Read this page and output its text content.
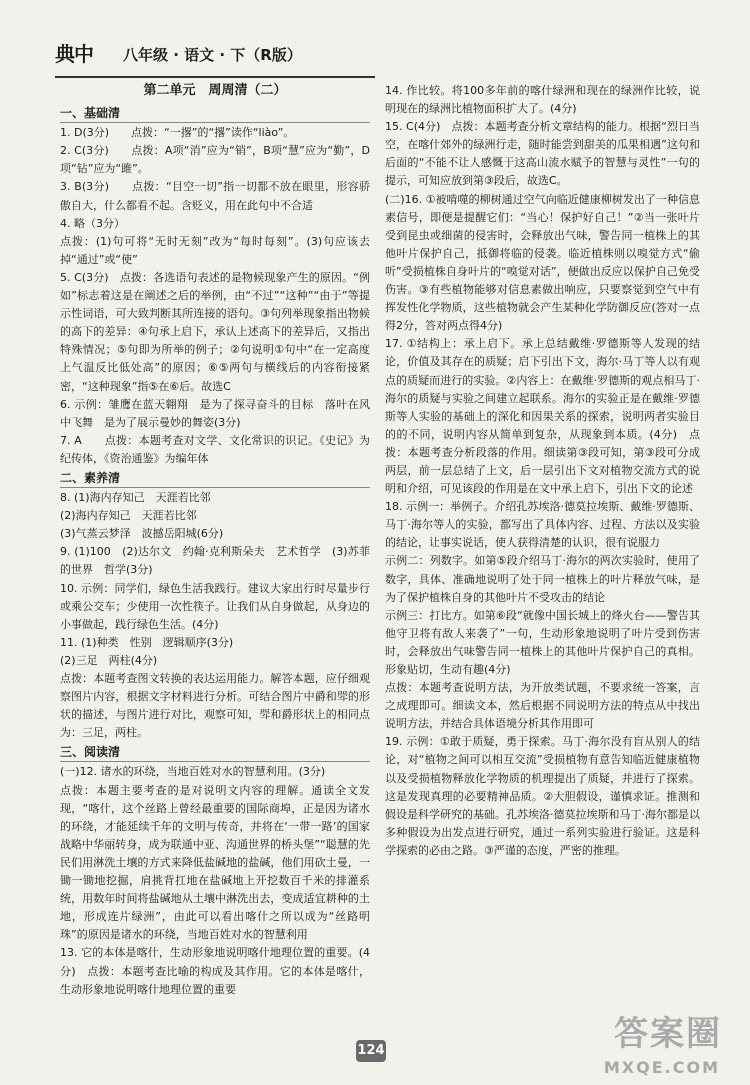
典中 八年级 · 语文 · 下（R版）
第二单元　周周清（二）
一、基础清
1. D(3分)　　点拨：“一撂”的“撂”读作“liào”。
2. C(3分)　　点拨：A项“消”应为“销”，B项“慧”应为“勤”，D项“钻”应为“雎”。
3. B(3分)　　点拨：“目空一切”指一切都不放在眼里，形容骄傲自大，什么都看不起。含贬义，用在此句中不合适
4. 略（3分）
点拨：(1)句可将“无时无刻”改为“每时每刻”。(3)句应该去掉“通过”或“使”
5. C(3分)　点拨：各选语句表述的是物候现象产生的原因。“例如”标志着这是在阐述之后的举例，由“不过”“这种”“由于”等提示性词语，可大致判断其所连接的语句。③句列举现象指出物候的高下的差异：④句承上启下，承认上述高下的差异后，又指出特殊情况；⑤句即为所举的例子；②句说明①句中“在一定高度上气温反比低处高”的原因；⑥⑤两句与横线后的内容衔接紧密，“这种现象”指⑤在⑥后。故选C
6. 示例：雏鹰在蓝天翱翔　是为了探寻奋斗的目标　落叶在风中飞舞　是为了展示曼妙的舞姿(3分)
7. A　　点拨：本题考查对文学、文化常识的识记。《史记》为纪传体，《资治通鉴》为编年体
二、素养清
8. (1)海内存知己　天涯若比邻
(2)海内存知己　天涯若比邻
(3)气蒸云梦泽　波撼岳阳城(6分)
9. (1)100　(2)达尔文　约翰·克利斯朵夫　艺术哲学　(3)苏菲的世界　哲学(3分)
10. 示例：同学们，绿色生活我践行。建议大家出行时尽量步行或乘公交车；少使用一次性筷子。让我们从自身做起，从身边的小事做起，践行绿色生活。(4分)
11. (1)种类　性别　逻辑顺序(3分)
(2)三足　两柱(4分)
点拨：本题考查图文转换的表达运用能力。解答本题，应仔细观察图片内容，根据文字材料进行分析。可结合图片中爵和斝的形状的描述，与图片进行对比，观察可知，斝和爵形状上的相同点为：三足，两柱。
三、阅读清
(一)12. 诸水的环绕，当地百姓对水的智慧利用。(3分)
点拨：本题主要考查的是对说明文内容的理解。通读全文发现，“喀什，这个丝路上曾经最重要的国际商埠，正是因为诸水的环绕，才能延续千年的文明与传奇，并将在‘一带一路’的国家战略中华丽转身，成为联通中亚、沟通世界的桥头堡”“聪慧的先民们用淋洗土壤的方式来降低盐碱地的盐碱，他们用砍土曼，一锄一锄地挖掘，肩挑背扛地在盐碱地上开挖数百千米的排灌系统，用数年时间将盐碱地从土壤中淋洗出去，变成适宜耕种的土地，形成连片绿洲”，由此可以看出喀什之所以成为“丝路明珠”的原因是诸水的环绕，当地百姓对水的智慧利用
13. 它的本体是喀什，生动形象地说明喀什地理位置的重要。(4分)　点拨：本题考查比喻的构成及其作用。它的本体是喀什，生动形象地说明喀什地理位置的重要
14. 作比较。将100多年前的喀什绿洲和现在的绿洲作比较，说明现在的绿洲比植物面积扩大了。(4分)
15. C(4分)　点拨：本题考查分析文章结构的能力。根据“烈日当空，在喀什郊外的绿洲行走，随时能尝到甜美的瓜果相遇”这句和后面的“不能不让人感慨于这高山流水赋予的智慧与灵性”一句的提示，可知应放到第③段后，故选C。
(二)16. ①被啃噬的柳树通过空气向临近健康柳树发出了一种信息素信号，即便是提醒它们：“当心！保护好自己！”②当一张叶片受到昆虫或细菌的侵害时，会释放出气味，警告同一植株上的其他叶片保护自己，抵御将临的侵袭。临近植株则以嗅觉方式“偷听”受损植株自身叶片的“嗅觉对话”，便做出反应以保护自己免受伤害。③有些植物能够对信息素做出响应，只要察觉到空气中有挥发性化学物质，这些植物就会产生某种化学防御反应(答对一点得2分，答对两点得4分)
17. ①结构上：承上启下。承上总结戴维·罗德斯等人发现的结论，价值及其存在的质疑；启下引出下文，海尔·马丁等人以有观点的质疑而进行的实验。②内容上：在戴维·罗德斯的观点相马丁·海尔的质疑与实验之间建立起联系。海尔的实验正是在戴维·罗德斯等人实验的基础上的深化和因果关系的探索，说明两者实验目的的不同，说明内容从简单到复杂，从现象到本质。(4分)　点拨：本题考查分析段落的作用。细读第③段可知，第③段可分成两层，前一层总结了上文，后一层引出下文对植物交流方式的说明和介绍，可见该段的作用是在文中承上启下，引出下文的论述
18. 示例一：举例子。介绍孔苏埃洛·德莫拉埃斯、戴维·罗德斯、马丁·海尔等人的实验，都写出了具体内容、过程、方法以及实验的结论，让事实说话，使人获得清楚的认识，很有说服力
示例二：列数字。如第⑤段介绍马丁·海尔的两次实验时，使用了数字，具体、准确地说明了处于同一植株上的叶片释放气味，是为了保护植株自身的其他叶片不受攻击的结论
示例三：打比方。如第⑥段“就像中国长城上的烽火台——警告其他守卫将有敌人来袭了”一句，生动形象地说明了叶片受到伤害时，会释放出气味警告同一植株上的其他叶片保护自己的真相。形象贴切，生动有趣(4分)
点拨：本题考查说明方法，为开放类试题，不要求统一答案，言之成理即可。细读文本，然后根据不同说明方法的特点从中找出说明方法，并结合具体语境分析其作用即可
19. 示例：①敢于质疑，勇于探索。马丁·海尔没有盲从别人的结论，对“植物之间可以相互交流”受损植物有意告知临近健康植物以及受损植物释放化学物质的机理提出了质疑，并进行了探索。这是发现真理的必要精神品质。②大胆假设，谨慎求证。推测和假设是科学研究的基础。孔苏埃洛·德莫拉埃斯和马丁·海尔都是以多种假设为出发点进行研究，通过一系列实验进行验证。这是科学探索的必由之路。③严谨的态度，严密的推理。
124	答案圈
MXQE.COM
